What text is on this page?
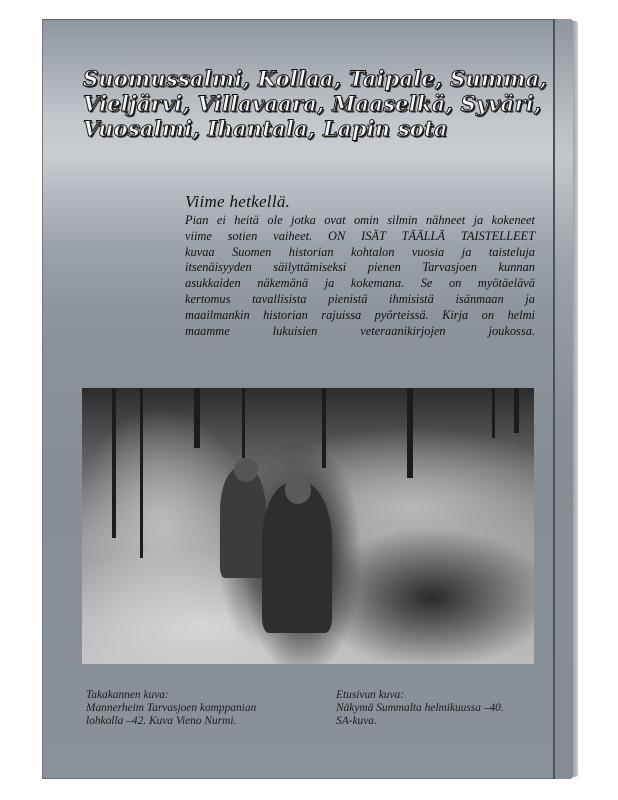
Suomussalmi, Kollaa, Taipale, Summa,
Vieljärvi, Villavaara, Maaselkä, Syväri,
Vuosalmi, Ihantala, Lapin sota
Viime hetkellä.
Pian ei heitä ole jotka ovat omin silmin nähneet ja kokeneet
viime sotien vaiheet. ON ISÄT TÄÄLLÄ TAISTELLEET
kuvaa Suomen historian kohtalon vuosia ja taisteluja
itsenäisyyden säilyttämiseksi pienen Tarvasjoen kunnan
asukkaiden näkemänä ja kokemana. Se on myötäelävä
kertomus tavallisista pienistä ihmisistä isänmaan ja
maailmankin historian rajuissa pyörteissä. Kirja on helmi
maamme lukuisien veteraanikirjojen joukossa.
Takakannen kuva:
Mannerheim Tarvasjoen komppanian
lohkolla –42. Kuva Vieno Nurmi.
Etusivun kuva:
Näkymä Summalta helmikuussa –40.
SA-kuva.
